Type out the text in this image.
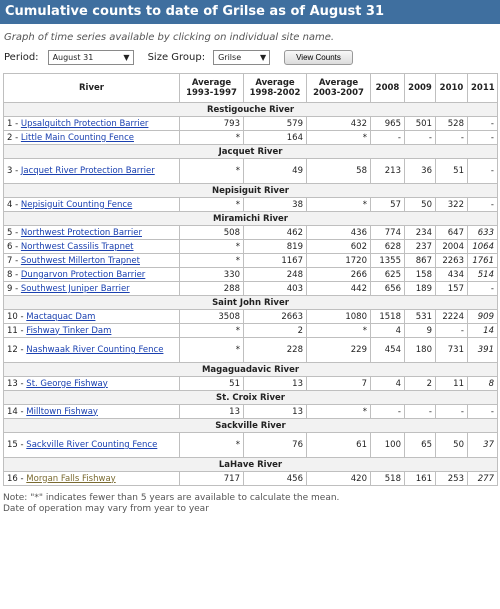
Cumulative counts to date of Grilse as of August 31
Graph of time series available by clicking on individual site name.
Period:	August 31	▼ Size Group:	Grilse ▼	View Counts
River	Average 1993-1997	Average 1998-2002	Average 2003-2007	2008	2009	2010	2011
Restigouche River							
1 - Upsalquitch Protection Barrier	793	579	432	965	501	528	-
2 - Little Main Counting Fence	*	164	*	-	-	-	-
Jacquet River							
3 - Jacquet River Protection Barrier	*	49	58	213	36	51	-
Nepisiguit River							
4 - Nepisiguit Counting Fence	*	38	*	57	50	322	-
Miramichi River							
5 - Northwest Protection Barrier	508	462	436	774	234	647	633
6 - Northwest Cassilis Trapnet	*	819	602	628	237	2004	1064
7 - Southwest Millerton Trapnet	*	1167	1720	1355	867	2263	1761
8 - Dungarvon Protection Barrier	330	248	266	625	158	434	514
9 - Southwest Juniper Barrier	288	403	442	656	189	157	-
Saint John River							
10 - Mactaquac Dam	3508	2663	1080	1518	531	2224	909
11 - Fishway Tinker Dam	*	2	*	4	9	-	14
12 - Nashwaak River Counting Fence	*	228	229	454	180	731	391
Magaguadavic River							
13 - St. George Fishway	51	13	7	4	2	11	8
St. Croix River							
14 - Milltown Fishway	13	13	*	-	-	-	-
Sackville River							
15 - Sackville River Counting Fence	*	76	61	100	65	50	37
LaHave River							
16 - Morgan Falls Fishway	717	456	420	518	161	253	277
Note: "*" indicates fewer than 5 years are available to calculate the mean.
Date of operation may vary from year to year
